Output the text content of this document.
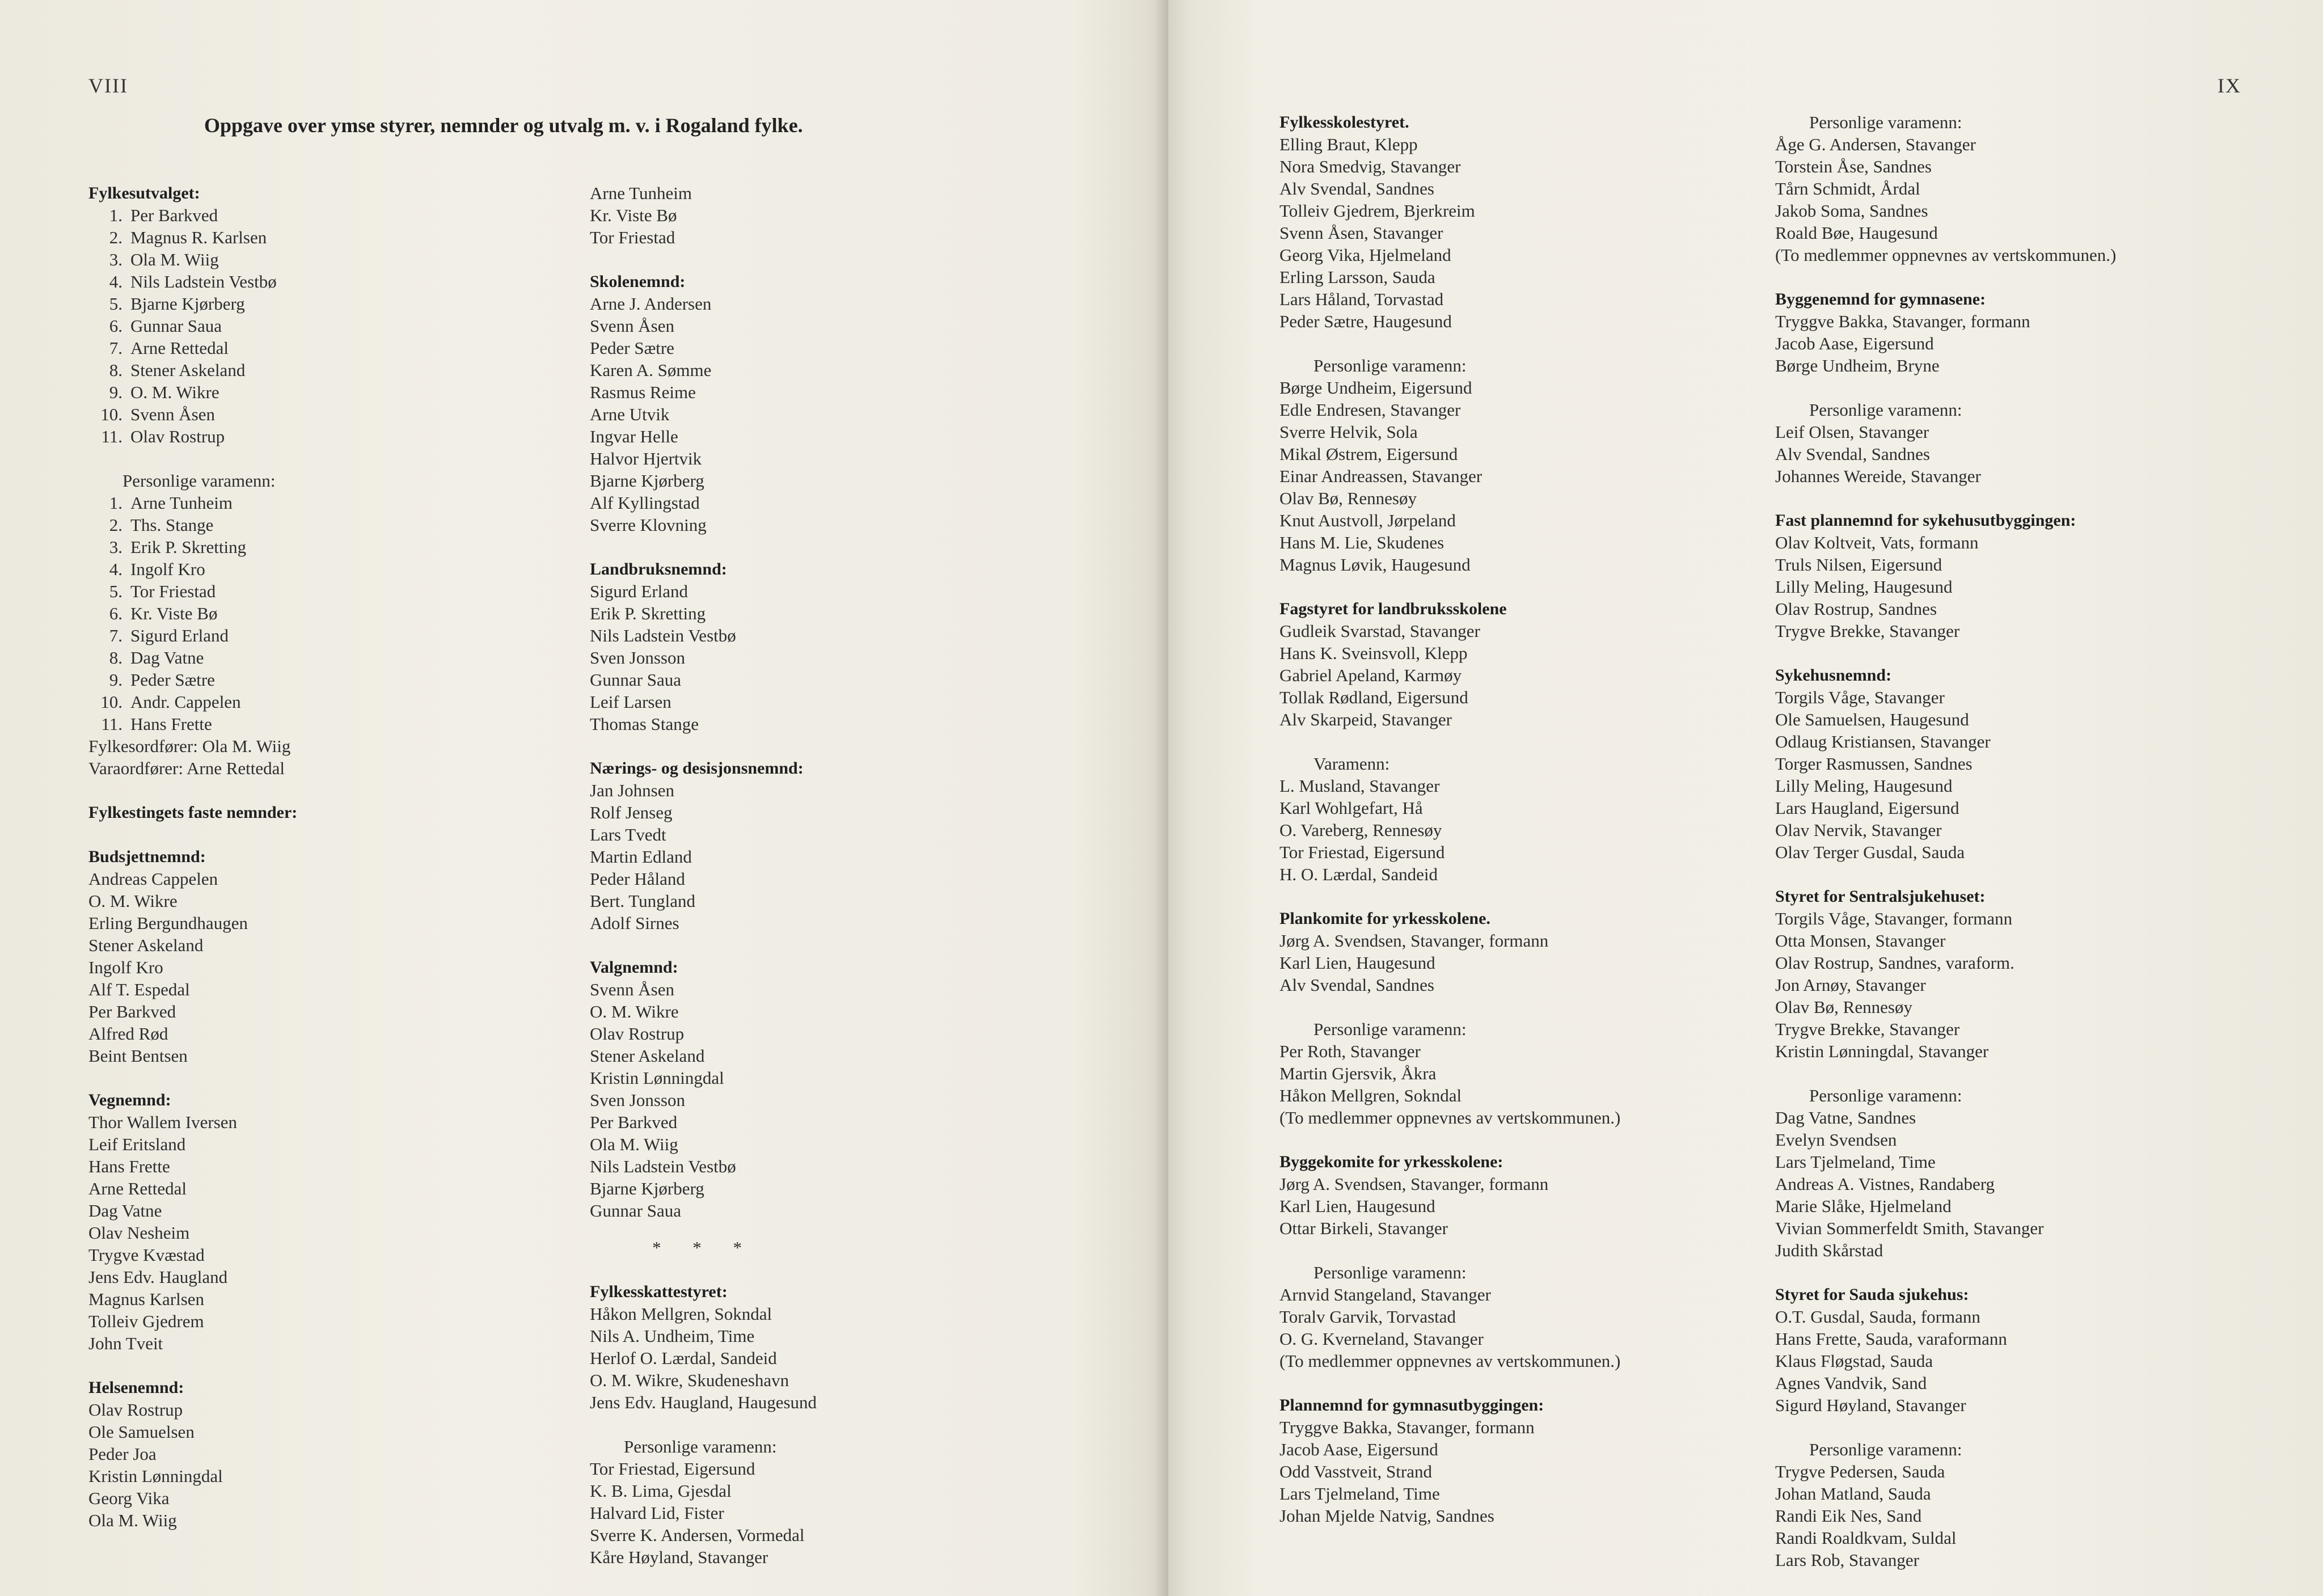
VIII
Oppgave over ymse styrer, nemnder og utvalg m. v. i Rogaland fylke.
Fylkesutvalget:
1. Per Barkved
2. Magnus R. Karlsen
3. Ola M. Wiig
4. Nils Ladstein Vestbø
5. Bjarne Kjørberg
6. Gunnar Saua
7. Arne Rettedal
8. Stener Askeland
9. O. M. Wikre
10. Svenn Åsen
11. Olav Rostrup
Personlige varamenn:
1. Arne Tunheim
2. Ths. Stange
3. Erik P. Skretting
4. Ingolf Kro
5. Tor Friestad
6. Kr. Viste Bø
7. Sigurd Erland
8. Dag Vatne
9. Peder Sætre
10. Andr. Cappelen
11. Hans Frette
Fylkesordfører: Ola M. Wiig
Varaordfører: Arne Rettedal
Fylkestingets faste nemnder:
Budsjettnemnd:
Andreas Cappelen
O. M. Wikre
Erling Bergundhaugen
Stener Askeland
Ingolf Kro
Alf T. Espedal
Per Barkved
Alfred Rød
Beint Bentsen
Vegnemnd:
Thor Wallem Iversen
Leif Eritsland
Hans Frette
Arne Rettedal
Dag Vatne
Olav Nesheim
Trygve Kvæstad
Jens Edv. Haugland
Magnus Karlsen
Tolleiv Gjedrem
John Tveit
Helsenemnd:
Olav Rostrup
Ole Samuelsen
Peder Joa
Kristin Lønningdal
Georg Vika
Ola M. Wiig
Arne Tunheim
Kr. Viste Bø
Tor Friestad
Skolenemnd:
Arne J. Andersen
Svenn Åsen
Peder Sætre
Karen A. Sømme
Rasmus Reime
Arne Utvik
Ingvar Helle
Halvor Hjertvik
Bjarne Kjørberg
Alf Kyllingstad
Sverre Klovning
Landbruksnemnd:
Sigurd Erland
Erik P. Skretting
Nils Ladstein Vestbø
Sven Jonsson
Gunnar Saua
Leif Larsen
Thomas Stange
Nærings- og desisjonsnemnd:
Jan Johnsen
Rolf Jenseg
Lars Tvedt
Martin Edland
Peder Håland
Bert. Tungland
Adolf Sirnes
Valgnemnd:
Svenn Åsen
O. M. Wikre
Olav Rostrup
Stener Askeland
Kristin Lønningdal
Sven Jonsson
Per Barkved
Ola M. Wiig
Nils Ladstein Vestbø
Bjarne Kjørberg
Gunnar Saua
* * *
Fylkesskattestyret:
Håkon Mellgren, Sokndal
Nils A. Undheim, Time
Herlof O. Lærdal, Sandeid
O. M. Wikre, Skudeneshavn
Jens Edv. Haugland, Haugesund
Personlige varamenn:
Tor Friestad, Eigersund
K. B. Lima, Gjesdal
Halvard Lid, Fister
Sverre K. Andersen, Vormedal
Kåre Høyland, Stavanger
IX
Fylkesskolestyret.
Elling Braut, Klepp
Nora Smedvig, Stavanger
Alv Svendal, Sandnes
Tolleiv Gjedrem, Bjerkreim
Svenn Åsen, Stavanger
Georg Vika, Hjelmeland
Erling Larsson, Sauda
Lars Håland, Torvastad
Peder Sætre, Haugesund
Personlige varamenn:
Børge Undheim, Eigersund
Edle Endresen, Stavanger
Sverre Helvik, Sola
Mikal Østrem, Eigersund
Einar Andreassen, Stavanger
Olav Bø, Rennesøy
Knut Austvoll, Jørpeland
Hans M. Lie, Skudenes
Magnus Løvik, Haugesund
Fagstyret for landbruksskolene
Gudleik Svarstad, Stavanger
Hans K. Sveinsvoll, Klepp
Gabriel Apeland, Karmøy
Tollak Rødland, Eigersund
Alv Skarpeid, Stavanger
Varamenn:
L. Musland, Stavanger
Karl Wohlgefart, Hå
O. Vareberg, Rennesøy
Tor Friestad, Eigersund
H. O. Lærdal, Sandeid
Plankomite for yrkesskolene.
Jørg A. Svendsen, Stavanger, formann
Karl Lien, Haugesund
Alv Svendal, Sandnes
Personlige varamenn:
Per Roth, Stavanger
Martin Gjersvik, Åkra
Håkon Mellgren, Sokndal
(To medlemmer oppnevnes av vertskommunen.)
Byggekomite for yrkesskolene:
Jørg A. Svendsen, Stavanger, formann
Karl Lien, Haugesund
Ottar Birkeli, Stavanger
Personlige varamenn:
Arnvid Stangeland, Stavanger
Toralv Garvik, Torvastad
O. G. Kverneland, Stavanger
(To medlemmer oppnevnes av vertskommunen.)
Plannemnd for gymnasutbyggingen:
Tryggve Bakka, Stavanger, formann
Jacob Aase, Eigersund
Odd Vasstveit, Strand
Lars Tjelmeland, Time
Johan Mjelde Natvig, Sandnes
Personlige varamenn:
Åge G. Andersen, Stavanger
Torstein Åse, Sandnes
Tårn Schmidt, Årdal
Jakob Soma, Sandnes
Roald Bøe, Haugesund
(To medlemmer oppnevnes av vertskommunen.)
Byggenemnd for gymnasene:
Tryggve Bakka, Stavanger, formann
Jacob Aase, Eigersund
Børge Undheim, Bryne
Personlige varamenn:
Leif Olsen, Stavanger
Alv Svendal, Sandnes
Johannes Wereide, Stavanger
Fast plannemnd for sykehusutbyggingen:
Olav Koltveit, Vats, formann
Truls Nilsen, Eigersund
Lilly Meling, Haugesund
Olav Rostrup, Sandnes
Trygve Brekke, Stavanger
Sykehusnemnd:
Torgils Våge, Stavanger
Ole Samuelsen, Haugesund
Odlaug Kristiansen, Stavanger
Torger Rasmussen, Sandnes
Lilly Meling, Haugesund
Lars Haugland, Eigersund
Olav Nervik, Stavanger
Olav Terger Gusdal, Sauda
Styret for Sentralsjukehuset:
Torgils Våge, Stavanger, formann
Otta Monsen, Stavanger
Olav Rostrup, Sandnes, varaform.
Jon Arnøy, Stavanger
Olav Bø, Rennesøy
Trygve Brekke, Stavanger
Kristin Lønningdal, Stavanger
Personlige varamenn:
Dag Vatne, Sandnes
Evelyn Svendsen
Lars Tjelmeland, Time
Andreas A. Vistnes, Randaberg
Marie Slåke, Hjelmeland
Vivian Sommerfeldt Smith, Stavanger
Judith Skårstad
Styret for Sauda sjukehus:
O.T. Gusdal, Sauda, formann
Hans Frette, Sauda, varaformann
Klaus Fløgstad, Sauda
Agnes Vandvik, Sand
Sigurd Høyland, Stavanger
Personlige varamenn:
Trygve Pedersen, Sauda
Johan Matland, Sauda
Randi Eik Nes, Sand
Randi Roaldkvam, Suldal
Lars Rob, Stavanger
